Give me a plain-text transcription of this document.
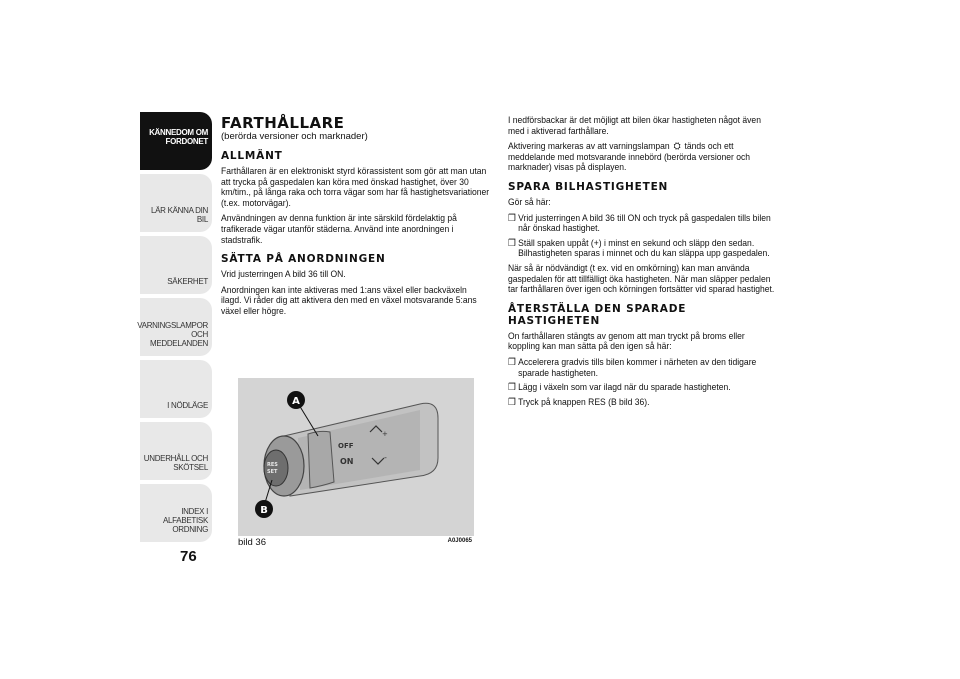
KÄNNEDOM OM FORDONET
LÄR KÄNNA DIN BIL
SÄKERHET
VARNINGSLAMPOR OCH MEDDELANDEN
I NÖDLÄGE
UNDERHÅLL OCH SKÖTSEL
INDEX I ALFABETISK ORDNING
76
FARTHÅLLARE

(berörda versioner och marknader)

ALLMÄNT

Farthållaren är en elektroniskt styrd körassistent som gör att man utan att trycka på gaspedalen kan köra med önskad hastighet, över 30 km/tim., på långa raka och torra vägar som har få hastighetsvariationer (t.ex. motorvägar).

Användningen av denna funktion är inte särskild fördelaktig på trafikerade vägar utanför städerna. Använd inte anordningen i stadstrafik.

SÄTTA PÅ ANORDNINGEN

Vrid justerringen A bild 36 till ON.

Anordningen kan inte aktiveras med 1:ans växel eller backväxeln ilagd. Vi råder dig att aktivera den med en växel motsvarande 5:ans växel eller högre.

RES
SET
OFF
ON
+
-
A
B
bild 36	A0J0065

I nedförsbackar är det möjligt att bilen ökar hastigheten något även med i aktiverad farthållare.

Aktivering markeras av att varningslampan ⛭ tänds och ett meddelande med motsvarande innebörd (berörda versioner och marknader) visas på displayen.

SPARA BILHASTIGHETEN

Gör så här:

❒ Vrid justerringen A bild 36 till ON och tryck på gaspedalen tills bilen når önskad hastighet.
❒ Ställ spaken uppåt (+) i minst en sekund och släpp den sedan. Bilhastigheten sparas i minnet och du kan släppa upp gaspedalen.

När så är nödvändigt (t ex. vid en omkörning) kan man använda gaspedalen för att tillfälligt öka hastigheten. När man släpper pedalen tar farthållaren över igen och körningen fortsätter vid sparad hastighet.

ÅTERSTÄLLA DEN SPARADE HASTIGHETEN

On farthållaren stängts av genom att man tryckt på broms eller koppling kan man sätta på den igen så här:

❒ Accelerera gradvis tills bilen kommer i närheten av den tidigare sparade hastigheten.
❒ Lägg i växeln som var ilagd när du sparade hastigheten.
❒ Tryck på knappen RES (B bild 36).
